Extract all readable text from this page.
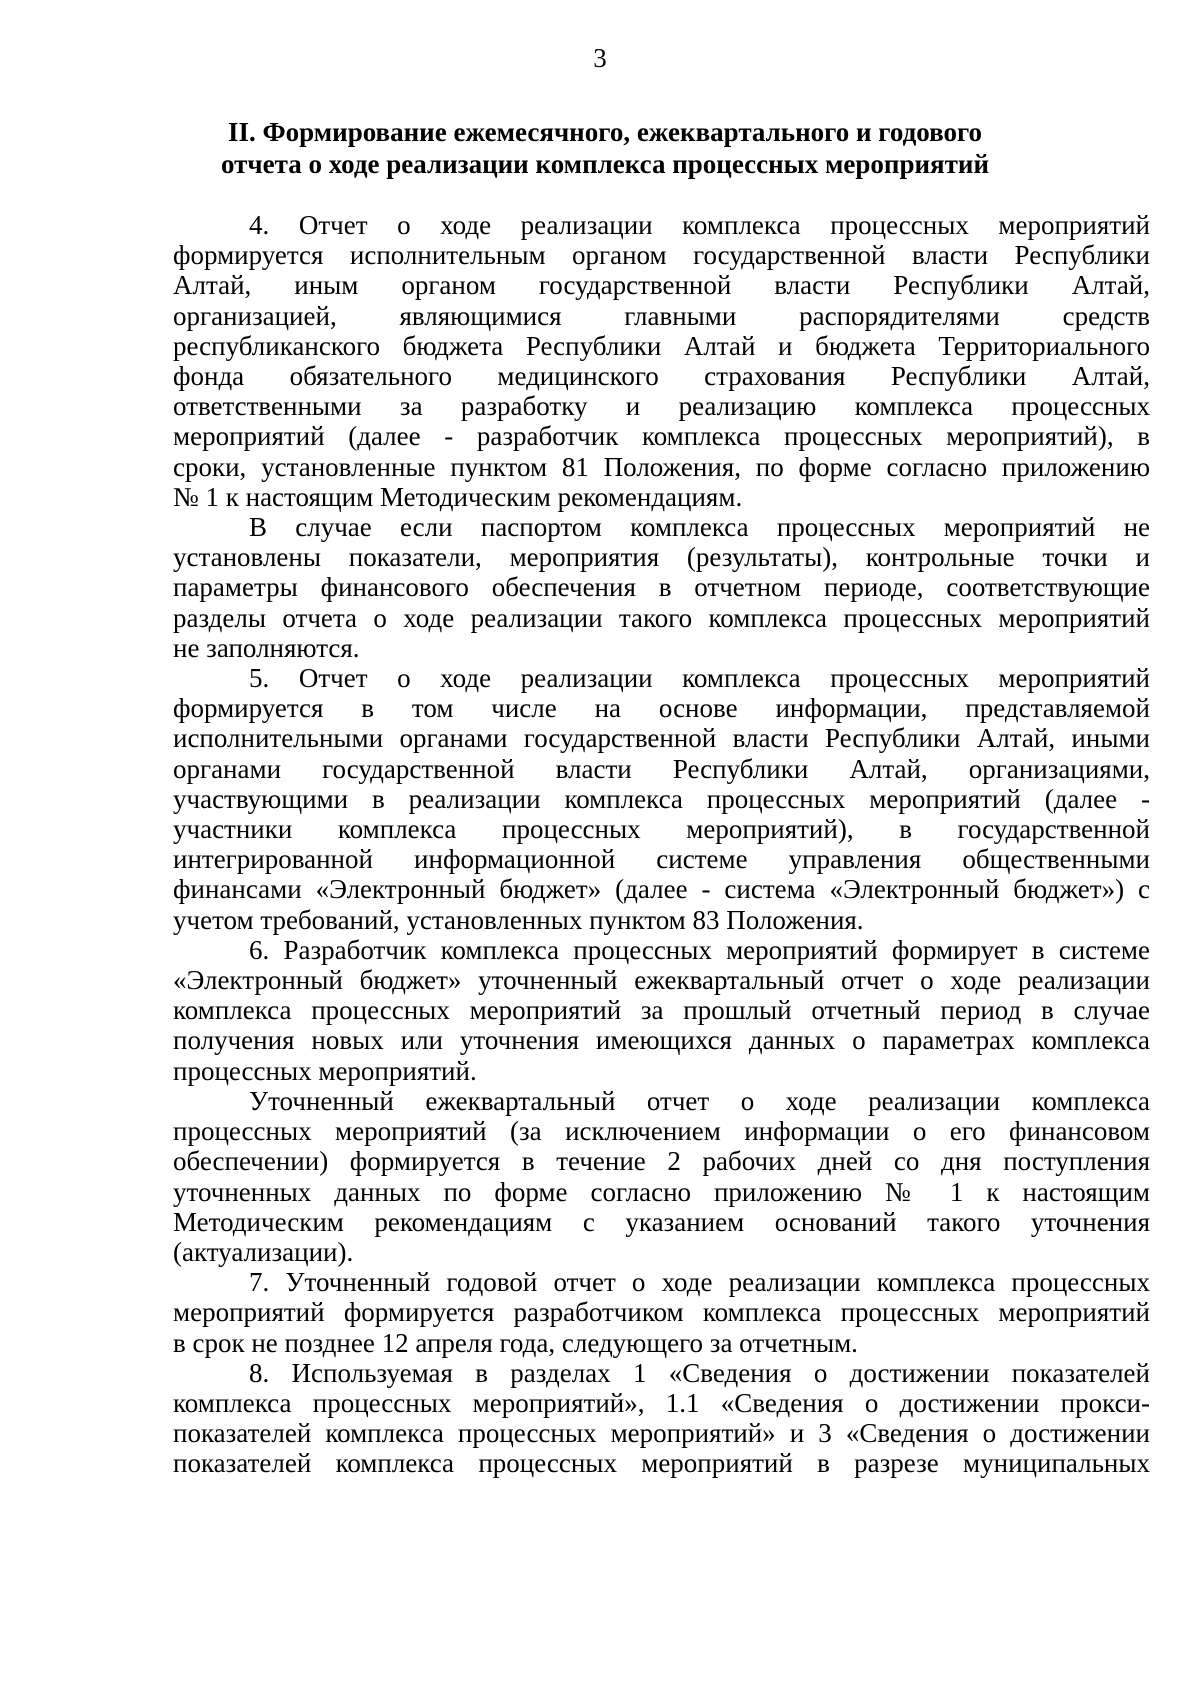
3
II. Формирование ежемесячного, ежеквартального и годового
отчета о ходе реализации комплекса процессных мероприятий
4. Отчет о ходе реализации комплекса процессных мероприятий
формируется исполнительным органом государственной власти Республики
Алтай, иным органом государственной власти Республики Алтай,
организацией, являющимися главными распорядителями средств
республиканского бюджета Республики Алтай и бюджета Территориального
фонда обязательного медицинского страхования Республики Алтай,
ответственными за разработку и реализацию комплекса процессных
мероприятий (далее - разработчик комплекса процессных мероприятий), в
сроки, установленные пунктом 81 Положения, по форме согласно приложению
№ 1 к настоящим Методическим рекомендациям.
В случае если паспортом комплекса процессных мероприятий не
установлены показатели, мероприятия (результаты), контрольные точки и
параметры финансового обеспечения в отчетном периоде, соответствующие
разделы отчета о ходе реализации такого комплекса процессных мероприятий
не заполняются.
5. Отчет о ходе реализации комплекса процессных мероприятий
формируется в том числе на основе информации, представляемой
исполнительными органами государственной власти Республики Алтай, иными
органами государственной власти Республики Алтай, организациями,
участвующими в реализации комплекса процессных мероприятий (далее -
участники комплекса процессных мероприятий), в государственной
интегрированной информационной системе управления общественными
финансами «Электронный бюджет» (далее - система «Электронный бюджет») с
учетом требований, установленных пунктом 83 Положения.
6. Разработчик комплекса процессных мероприятий формирует в системе
«Электронный бюджет» уточненный ежеквартальный отчет о ходе реализации
комплекса процессных мероприятий за прошлый отчетный период в случае
получения новых или уточнения имеющихся данных о параметрах комплекса
процессных мероприятий.
Уточненный ежеквартальный отчет о ходе реализации комплекса
процессных мероприятий (за исключением информации о его финансовом
обеспечении) формируется в течение 2 рабочих дней со дня поступления
уточненных данных по форме согласно приложению № 1 к настоящим
Методическим рекомендациям с указанием оснований такого уточнения
(актуализации).
7. Уточненный годовой отчет о ходе реализации комплекса процессных
мероприятий формируется разработчиком комплекса процессных мероприятий
в срок не позднее 12 апреля года, следующего за отчетным.
8. Используемая в разделах 1 «Сведения о достижении показателей
комплекса процессных мероприятий», 1.1 «Сведения о достижении прокси-
показателей комплекса процессных мероприятий» и 3 «Сведения о достижении
показателей комплекса процессных мероприятий в разрезе муниципальных
